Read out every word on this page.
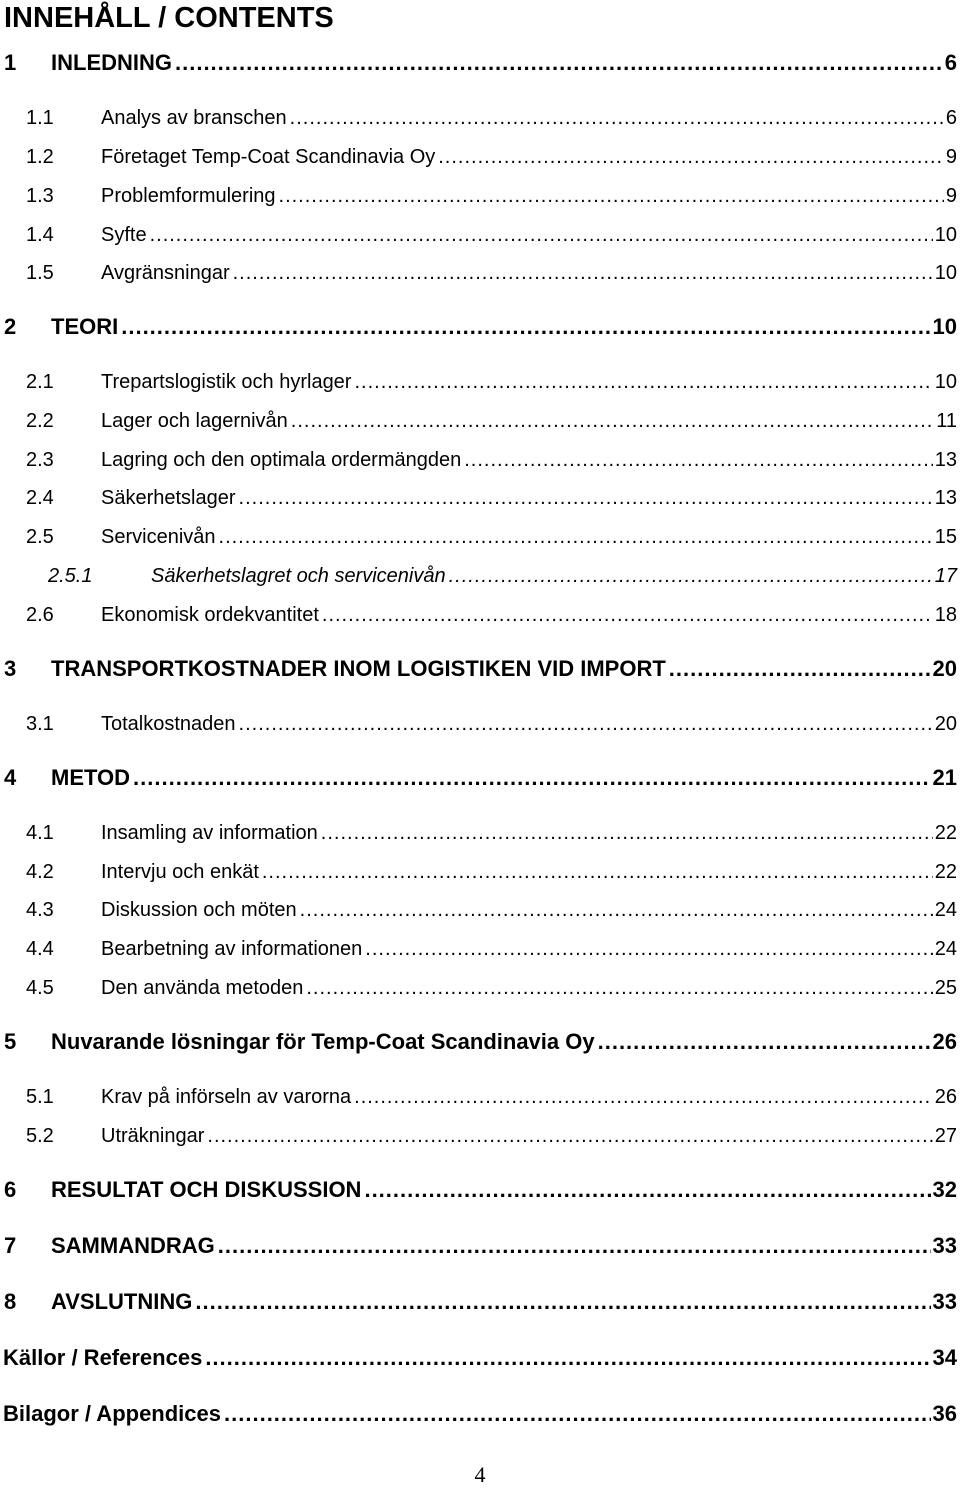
INNEHÅLL / CONTENTS
1	INLEDNING .....	6
1.1	Analys av branschen .....	6
1.2	Företaget Temp-Coat Scandinavia Oy .....	9
1.3	Problemformulering .....	9
1.4	Syfte .....	10
1.5	Avgränsningar .....	10
2	TEORI .....	10
2.1	Trepartslogistik och hyrlager .....	10
2.2	Lager och lagernivån .....	11
2.3	Lagring och den optimala ordermängden .....	13
2.4	Säkerhetslager .....	13
2.5	Servicenivån .....	15
2.5.1	Säkerhetslagret och servicenivån .....	17
2.6	Ekonomisk ordekvantitet .....	18
3	TRANSPORTKOSTNADER INOM LOGISTIKEN VID IMPORT .....	20
3.1	Totalkostnaden .....	20
4	METOD .....	21
4.1	Insamling av information .....	22
4.2	Intervju och enkät .....	22
4.3	Diskussion och möten .....	24
4.4	Bearbetning av informationen .....	24
4.5	Den använda metoden .....	25
5	Nuvarande lösningar för Temp-Coat Scandinavia Oy .....	26
5.1	Krav på införseln av varorna .....	26
5.2	Uträkningar .....	27
6	RESULTAT OCH DISKUSSION .....	32
7	SAMMANDRAG .....	33
8	AVSLUTNING .....	33
Källor / References .....	34
Bilagor / Appendices .....	36
4
